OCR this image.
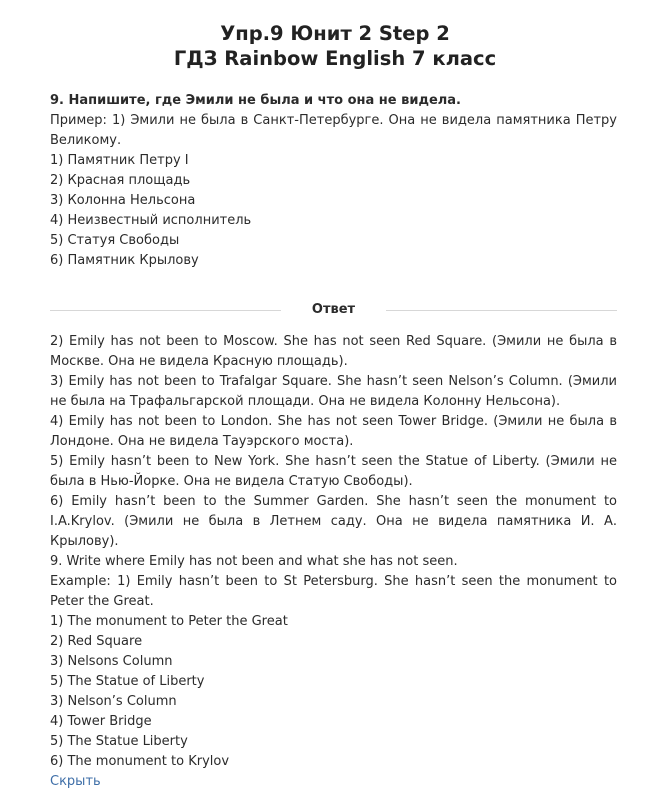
Упр.9 Юнит 2 Step 2
ГДЗ Rainbow English 7 класс

9. Напишите, где Эмили не была и что она не видела.

Пример: 1) Эмили не была в Санкт-Петербурге. Она не видела памятника Петру Великому.

1) Памятник Петру I

2) Красная площадь

3) Колонна Нельсона

4) Неизвестный исполнитель

5) Статуя Свободы

6) Памятник Крылову

Ответ

2) Emily has not been to Moscow. She has not seen Red Square. (Эмили не была в Москве. Она не видела Красную площадь).

3) Emily has not been to Trafalgar Square. She hasn’t seen Nelson’s Column. (Эмили не была на Трафальгарской площади. Она не видела Колонну Нельсона).

4) Emily has not been to London. She has not seen Tower Bridge. (Эмили не была в Лондоне. Она не видела Тауэрского моста).

5) Emily hasn’t been to New York. She hasn’t seen the Statue of Liberty. (Эмили не была в Нью-Йорке. Она не видела Статую Свободы).

6) Emily hasn’t been to the Summer Garden. She hasn’t seen the monument to I.A.Krylov. (Эмили не была в Летнем саду. Она не видела памятника И. А. Крылову).

9. Write where Emily has not been and what she has not seen.

Example: 1) Emily hasn’t been to St Petersburg. She hasn’t seen the monument to Peter the Great.

1) The monument to Peter the Great

2) Red Square

3) Nelsons Column

5) The Statue of Liberty

3) Nelson’s Column

4) Tower Bridge

5) The Statue Liberty

6) The monument to Krylov

Скрыть
